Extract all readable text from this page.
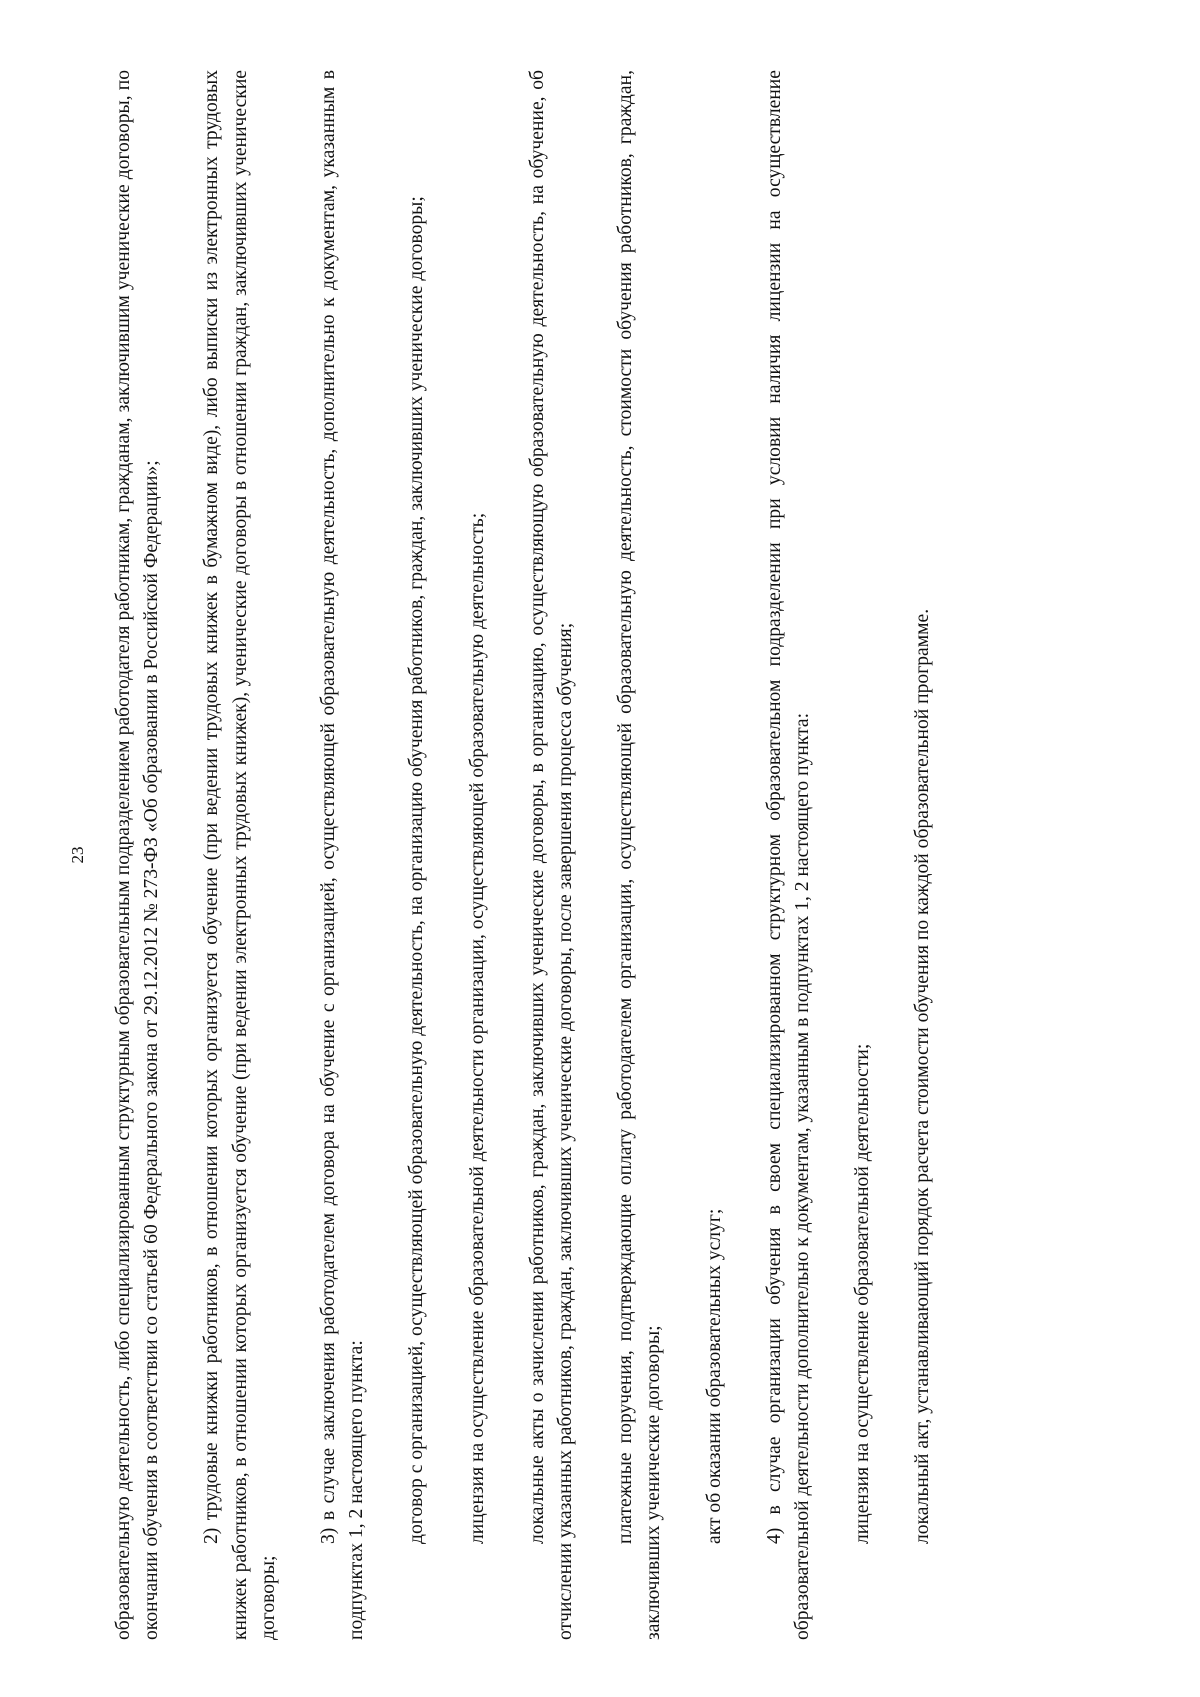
23 образовательную деятельность, либо специализированным структурным образовательным подразделением работодателя работникам, гражданам, заключившим ученические договоры, по окончании обучения в соответствии со статьей 60 Федерального закона от 29.12.2012 № 273-ФЗ «Об образовании в Российской Федерации»; 2) трудовые книжки работников, в отношении которых организуется обучение (при ведении трудовых книжек в бумажном виде), либо выписки из электронных трудовых книжек работников, в отношении которых организуется обучение (при ведении электронных трудовых книжек), ученические договоры в отношении граждан, заключивших ученические договоры;

3) в случае заключения работодателем договора на обучение с организацией, осуществляющей образовательную деятельность, дополнительно к документам, указанным в подпунктах 1, 2 настоящего пункта: договор с организацией, осуществляющей образовательную деятельность, на организацию обучения работников, граждан, заключивших ученические договоры; лицензия на осуществление образовательной деятельности организации, осуществляющей образовательную деятельность; локальные акты о зачислении работников, граждан, заключивших ученические договоры, в организацию, осуществляющую образовательную деятельность, на обучение, об отчислении указанных работников, граждан, заключивших ученические договоры, после завершения процесса обучения; платежные поручения, подтверждающие оплату работодателем организации, осуществляющей образовательную деятельность, стоимости обучения работников, граждан, заключивших ученические договоры; акт об оказании образовательных услуг; 4) в случае организации обучения в своем специализированном структурном образовательном подразделении при условии наличия лицензии на осуществление образовательной деятельности дополнительно к документам, указанным в подпунктах 1, 2 настоящего пункта: лицензия на осуществление образовательной деятельности; локальный акт, устанавливающий порядок расчета стоимости обучения по каждой образовательной программе.
